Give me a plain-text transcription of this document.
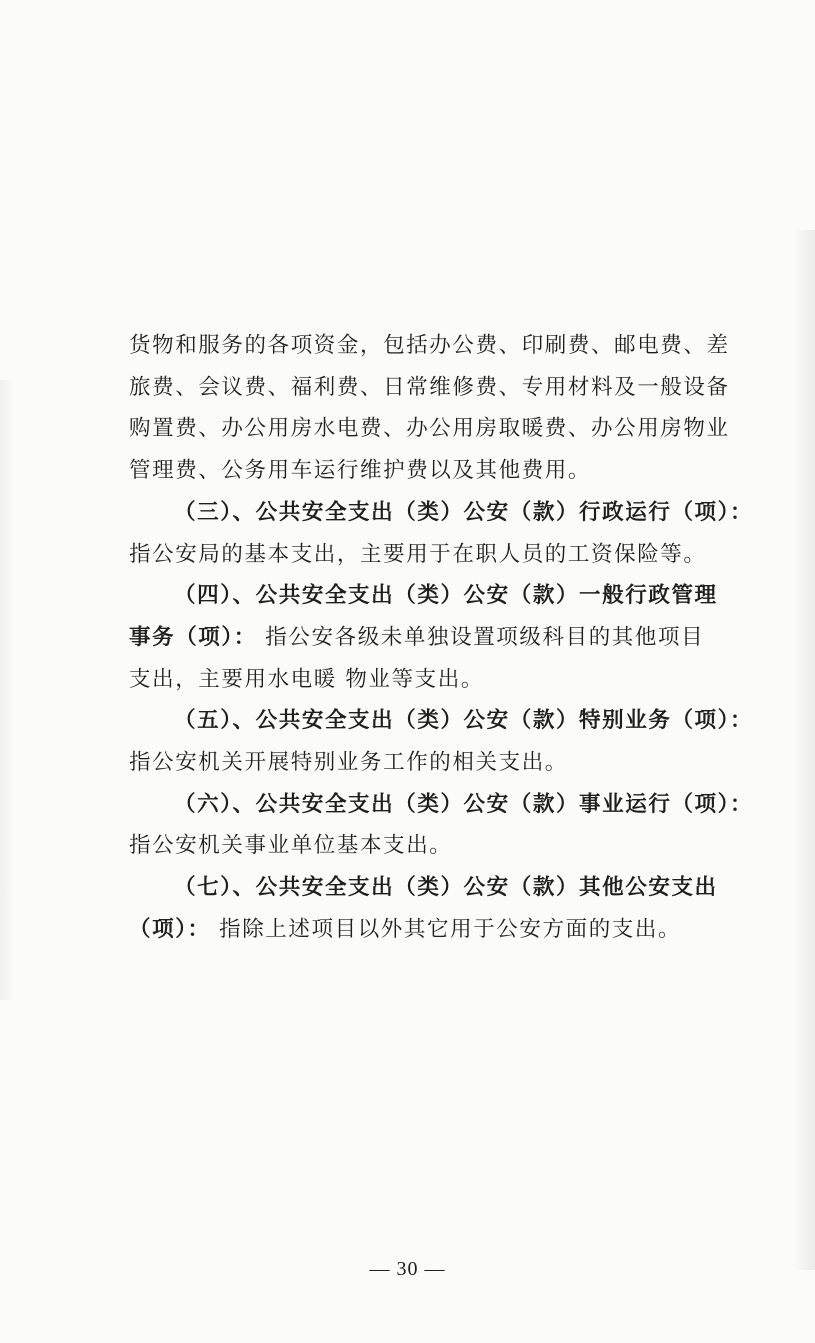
货物和服务的各项资金，包括办公费、印刷费、邮电费、差
旅费、会议费、福利费、日常维修费、专用材料及一般设备
购置费、办公用房水电费、办公用房取暖费、办公用房物业
管理费、公务用车运行维护费以及其他费用。
（三）、公共安全支出（类）公安（款）行政运行（项）：
指公安局的基本支出，主要用于在职人员的工资保险等。
（四）、公共安全支出（类）公安（款）一般行政管理
事务（项）： 指公安各级未单独设置项级科目的其他项目
支出，主要用水电暖 物业等支出。
（五）、公共安全支出（类）公安（款）特别业务（项）：
指公安机关开展特别业务工作的相关支出。
（六）、公共安全支出（类）公安（款）事业运行（项）：
指公安机关事业单位基本支出。
（七）、公共安全支出（类）公安（款）其他公安支出
（项）： 指除上述项目以外其它用于公安方面的支出。
— 30 —
